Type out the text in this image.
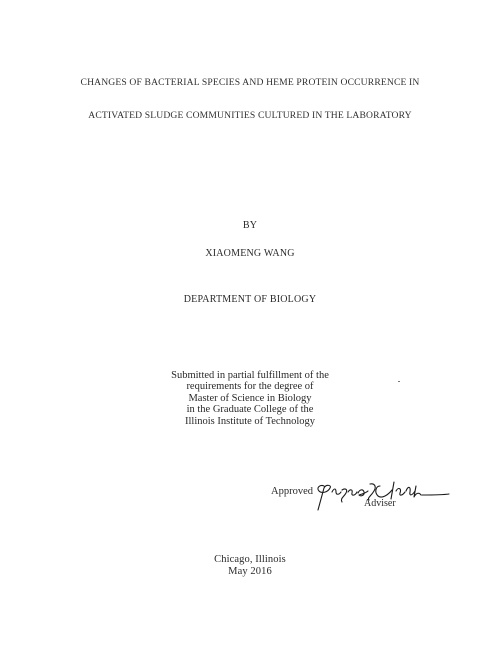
CHANGES OF BACTERIAL SPECIES AND HEME PROTEIN OCCURRENCE IN
ACTIVATED SLUDGE COMMUNITIES CULTURED IN THE LABORATORY
BY
XIAOMENG WANG
DEPARTMENT OF BIOLOGY
Submitted in partial fulfillment of the
requirements for the degree of
Master of Science in Biology
in the Graduate College of the
Illinois Institute of Technology
Approved
Adviser
Chicago, Illinois
May 2016
